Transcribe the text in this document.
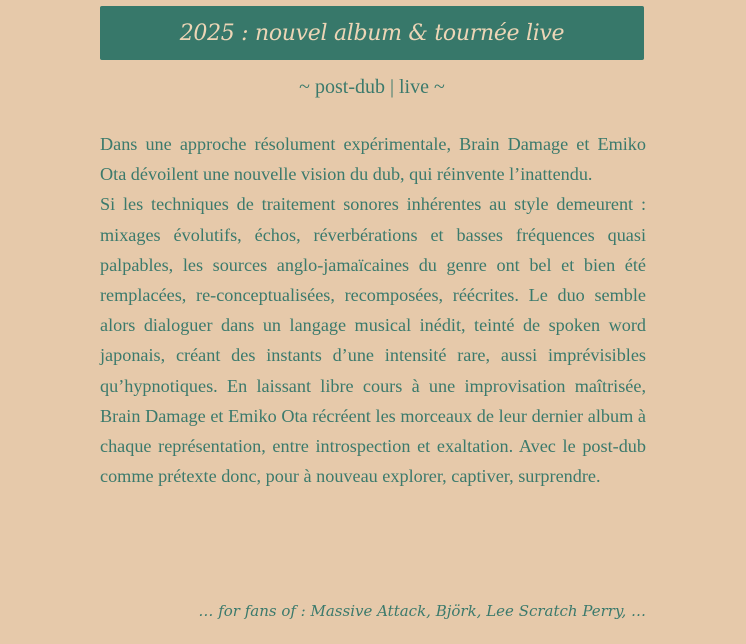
2025 : nouvel album & tournée live

~ post-dub | live ~

Dans une approche résolument expérimentale, Brain Damage et Emiko Ota dévoilent une nouvelle vision du dub, qui réinvente l’inattendu.

Si les techniques de traitement sonores inhérentes au style demeurent : mixages évolutifs, échos, réverbérations et basses fréquences quasi palpables, les sources anglo-jamaïcaines du genre ont bel et bien été remplacées, re-conceptualisées, recomposées, réécrites. Le duo semble alors dialoguer dans un langage musical inédit, teinté de spoken word japonais, créant des instants d’une intensité rare, aussi imprévisibles qu’hypnotiques. En laissant libre cours à une improvisation maîtrisée, Brain Damage et Emiko Ota récréent les morceaux de leur dernier album à chaque représentation, entre introspection et exaltation. Avec le post-dub comme prétexte donc, pour à nouveau explorer, captiver, surprendre.

… for fans of : Massive Attack, Björk, Lee Scratch Perry, …
